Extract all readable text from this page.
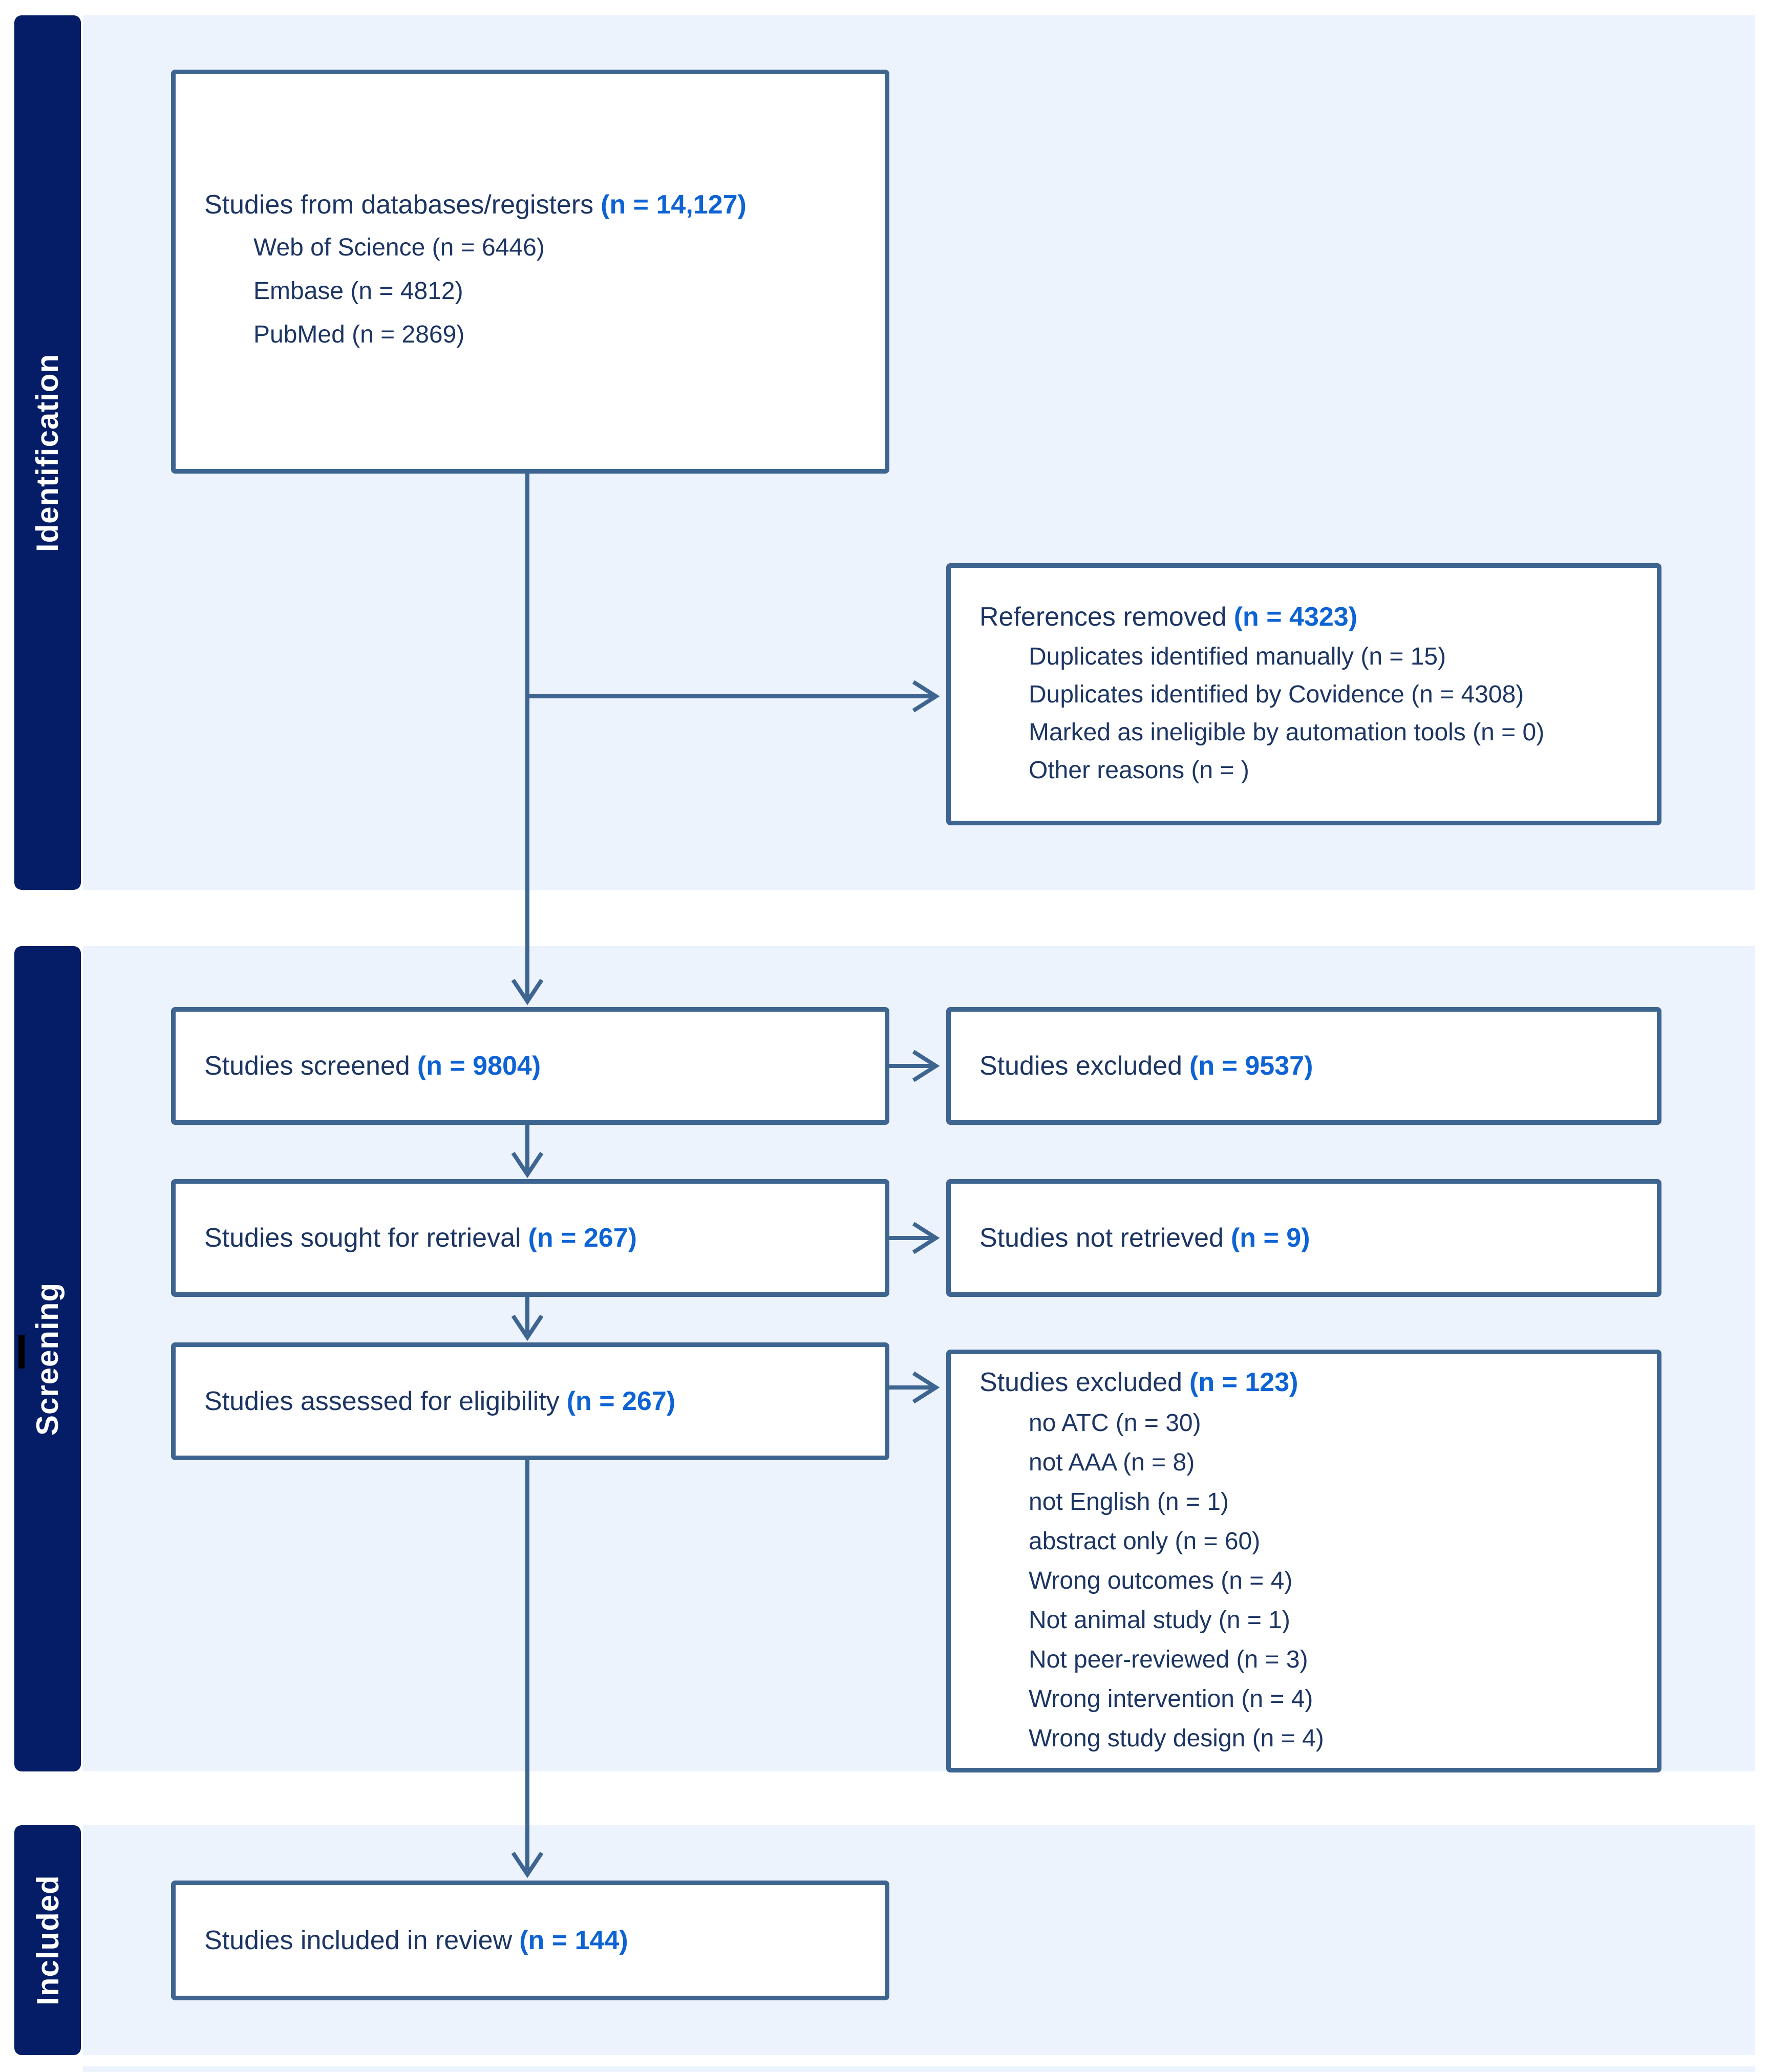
Identification
Screening
Included
Studies from databases/registers (n = 14,127)
Web of Science (n = 6446)
Embase (n = 4812)
PubMed (n = 2869)
References removed (n = 4323)
Duplicates identified manually (n = 15)
Duplicates identified by Covidence (n = 4308)
Marked as ineligible by automation tools (n = 0)
Other reasons (n = )
Studies screened (n = 9804)	Studies excluded (n = 9537)
Studies sought for retrieval (n = 267)	Studies not retrieved (n = 9)
Studies assessed for eligibility (n = 267)
Studies excluded (n = 123)
no ATC (n = 30)
not AAA (n = 8)
not English (n = 1)
abstract only (n = 60)
Wrong outcomes (n = 4)
Not animal study (n = 1)
Not peer-reviewed (n = 3)
Wrong intervention (n = 4)
Wrong study design (n = 4)
Studies included in review (n = 144)
